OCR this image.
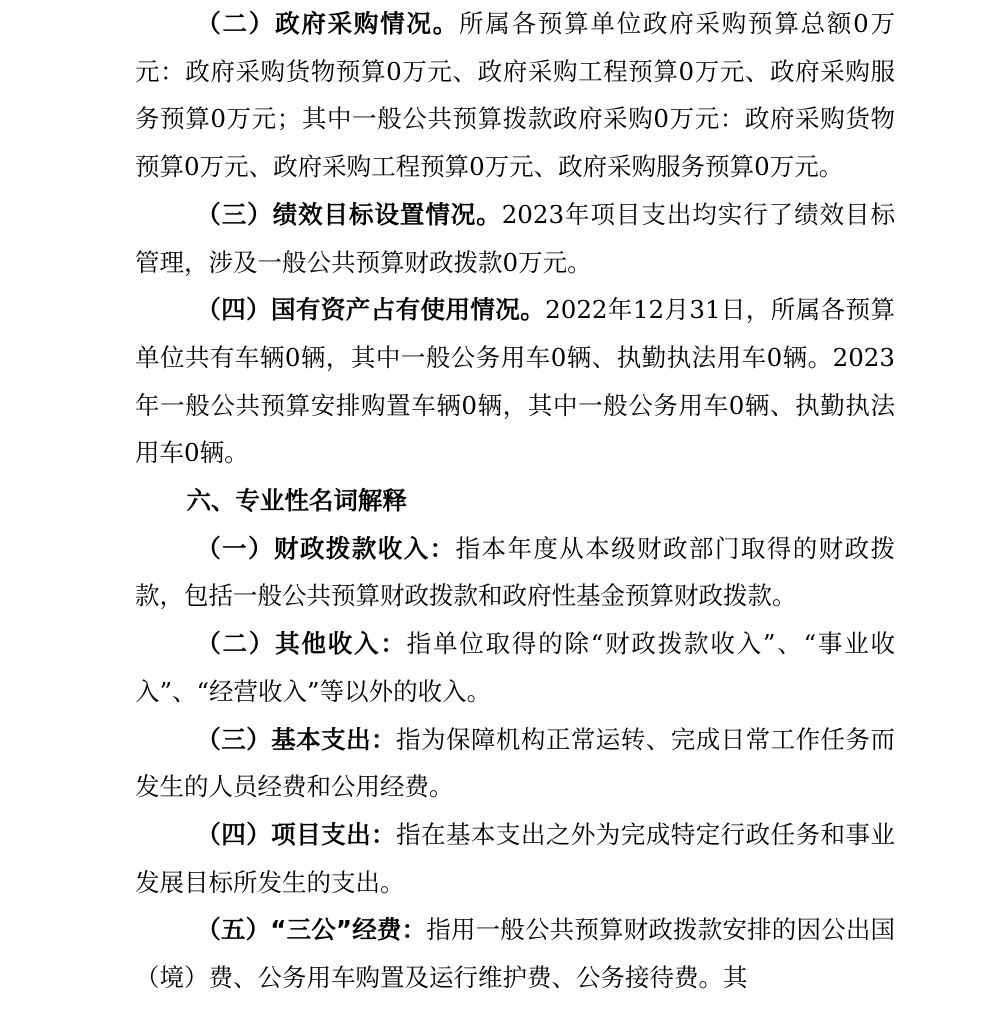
（二）政府采购情况。所属各预算单位政府采购预算总额0万元：政府采购货物预算0万元、政府采购工程预算0万元、政府采购服务预算0万元；其中一般公共预算拨款政府采购0万元：政府采购货物预算0万元、政府采购工程预算0万元、政府采购服务预算0万元。

（三）绩效目标设置情况。2023年项目支出均实行了绩效目标管理，涉及一般公共预算财政拨款0万元。

（四）国有资产占有使用情况。2022年12月31日，所属各预算单位共有车辆0辆，其中一般公务用车0辆、执勤执法用车0辆。2023年一般公共预算安排购置车辆0辆，其中一般公务用车0辆、执勤执法用车0辆。

六、专业性名词解释

（一）财政拨款收入：指本年度从本级财政部门取得的财政拨款，包括一般公共预算财政拨款和政府性基金预算财政拨款。

（二）其他收入：指单位取得的除“财政拨款收入”、“事业收入”、“经营收入”等以外的收入。

（三）基本支出：指为保障机构正常运转、完成日常工作任务而发生的人员经费和公用经费。

（四）项目支出：指在基本支出之外为完成特定行政任务和事业发展目标所发生的支出。

（五）“三公”经费：指用一般公共预算财政拨款安排的因公出国（境）费、公务用车购置及运行维护费、公务接待费。其
